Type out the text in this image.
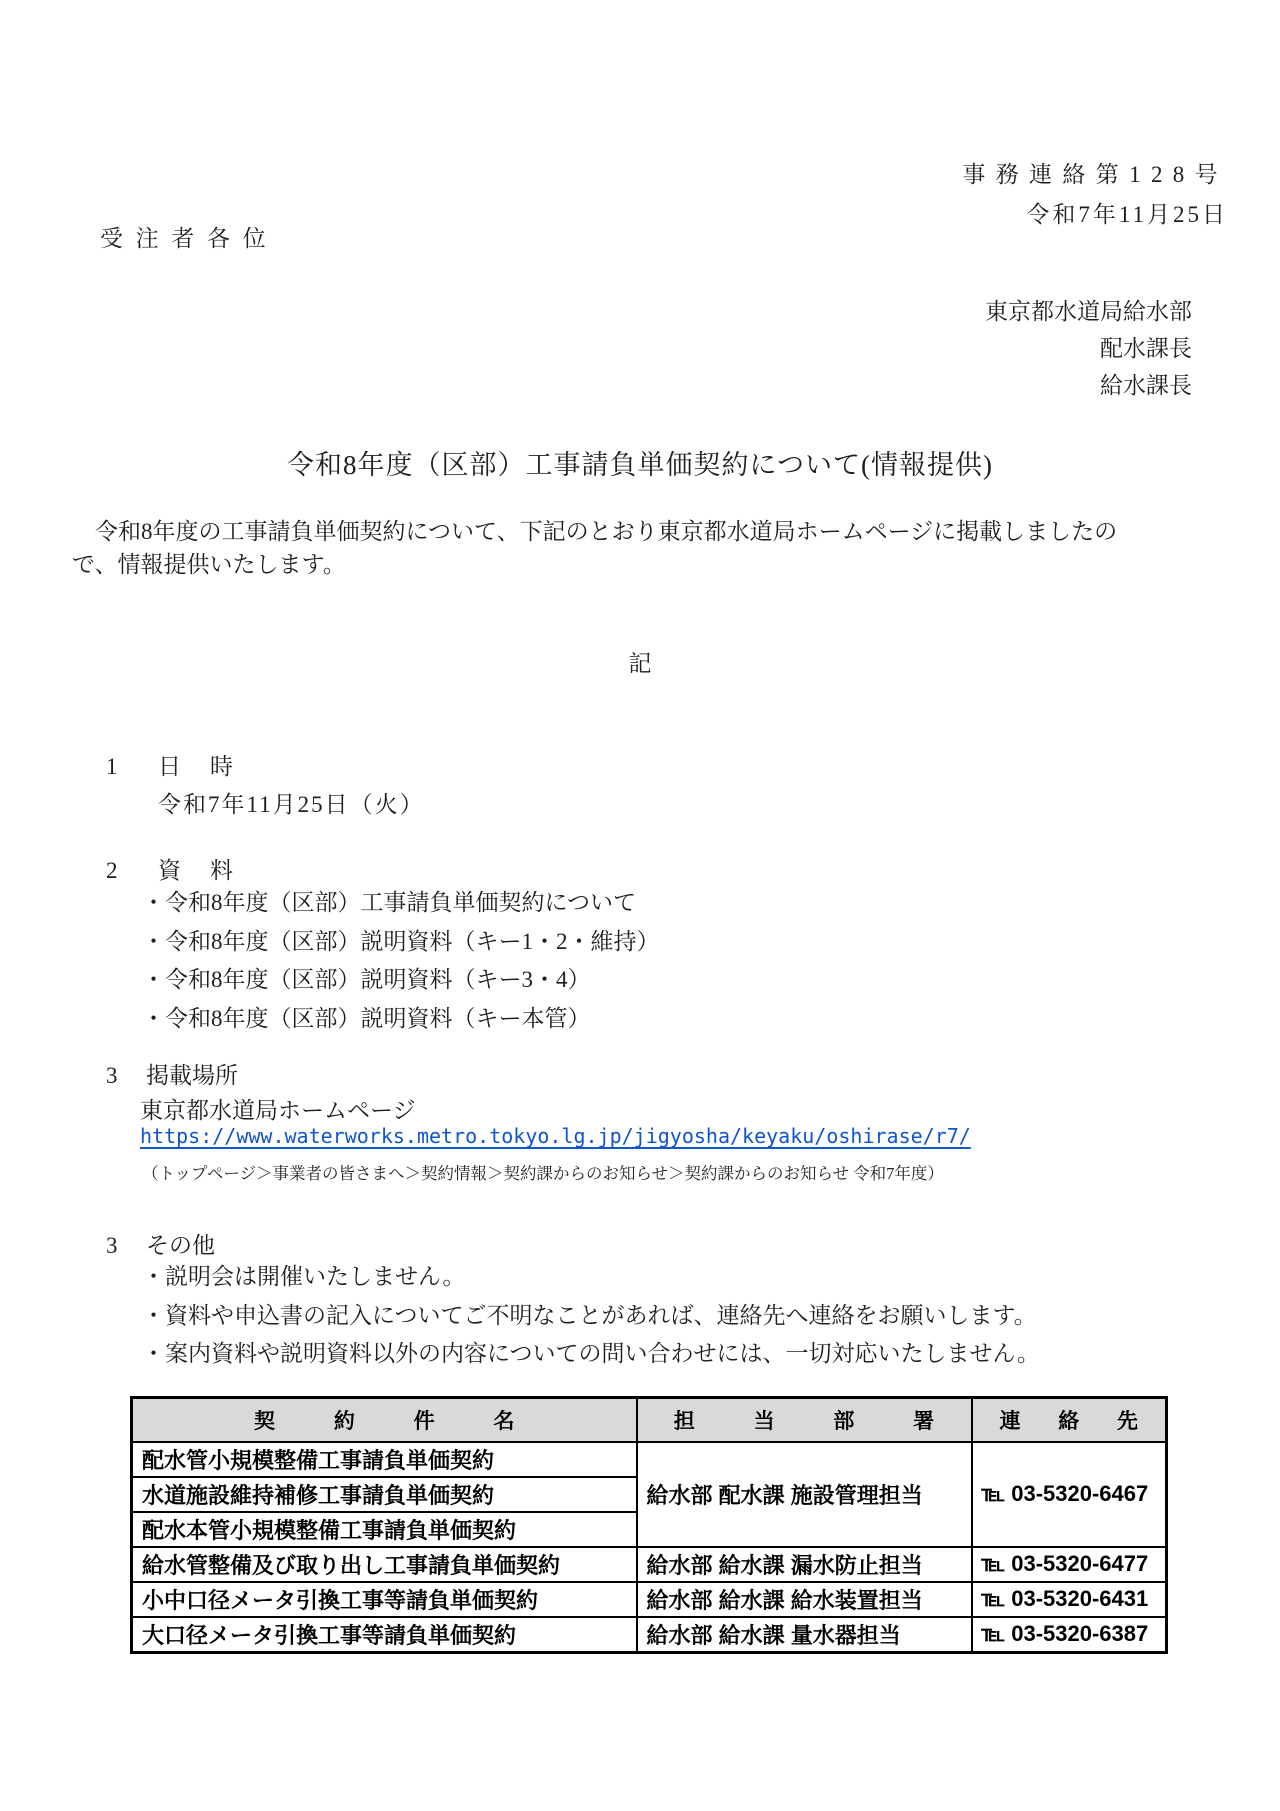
事務連絡第128号
令和7年11月25日
受注者各位
東京都水道局給水部
配水課長
給水課長
令和8年度（区部）工事請負単価契約について(情報提供)
　令和8年度の工事請負単価契約について、下記のとおり東京都水道局ホームページに掲載しましたの
で、情報提供いたします。
記
1 日　時
令和7年11月25日（火）
2 資　料
・令和8年度（区部）工事請負単価契約について
・令和8年度（区部）説明資料（キー1・2・維持）
・令和8年度（区部）説明資料（キー3・4）
・令和8年度（区部）説明資料（キー本管）
3 掲載場所
東京都水道局ホームページ
https://www.waterworks.metro.tokyo.lg.jp/jigyosha/keyaku/oshirase/r7/
（トップページ＞事業者の皆さまへ＞契約情報＞契約課からのお知らせ＞契約課からのお知らせ 令和7年度）
3 その他
・説明会は開催いたしません。
・資料や申込書の記入についてご不明なことがあれば、連絡先へ連絡をお願いします。
・案内資料や説明資料以外の内容についての問い合わせには、一切対応いたしません。
契　約　件　名	担　当　部　署	連　絡　先
配水管小規模整備工事請負単価契約	給水部 配水課 施設管理担当	℡ 03-5320-6467
水道施設維持補修工事請負単価契約		
配水本管小規模整備工事請負単価契約		
給水管整備及び取り出し工事請負単価契約	給水部 給水課 漏水防止担当	℡ 03-5320-6477
小中口径メータ引換工事等請負単価契約	給水部 給水課 給水装置担当	℡ 03-5320-6431
大口径メータ引換工事等請負単価契約	給水部 給水課 量水器担当	℡ 03-5320-6387
